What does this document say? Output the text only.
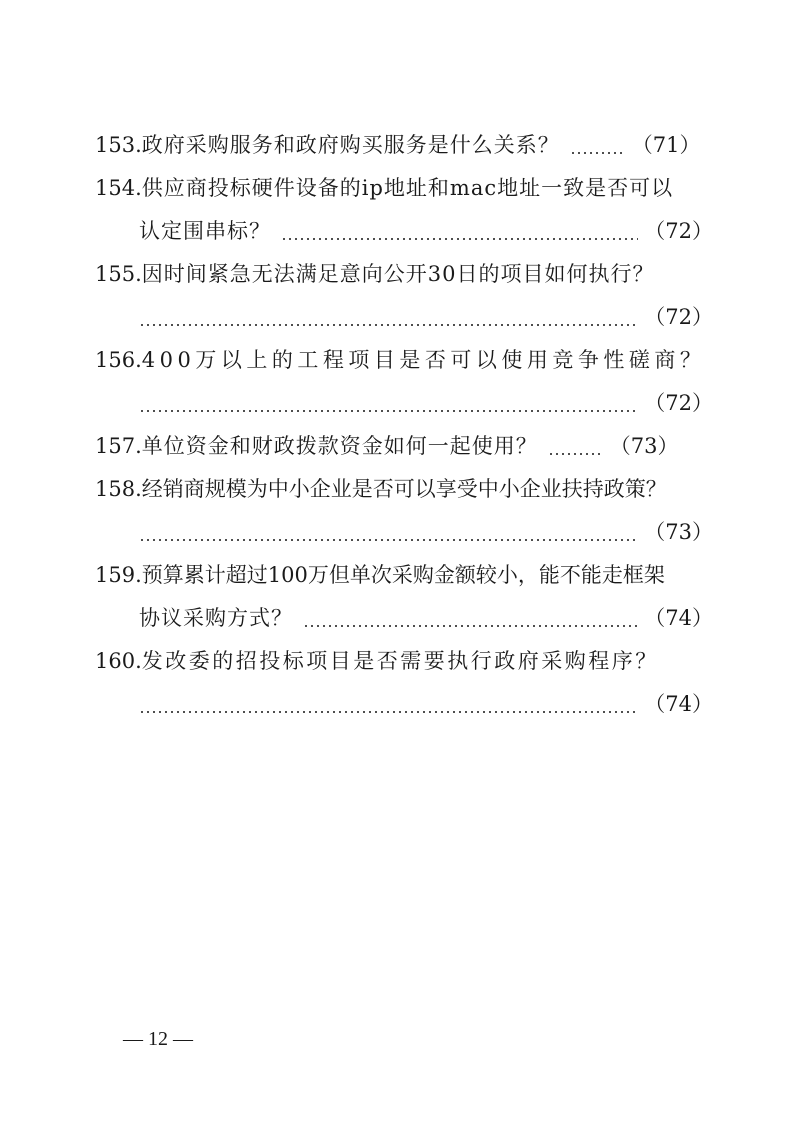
153. 政府采购服务和政府购买服务是什么关系？	（71）
154. 供应商投标硬件设备的ip地址和mac地址一致是否可以
认定围串标？	（72）
155. 因时间紧急无法满足意向公开30日的项目如何执行？
（72）
156. 400万以上的工程项目是否可以使用竞争性磋商？
（72）
157. 单位资金和财政拨款资金如何一起使用？	（73）
158. 经销商规模为中小企业是否可以享受中小企业扶持政策？
（73）
159. 预算累计超过100万但单次采购金额较小，能不能走框架
协议采购方式？	（74）
160. 发改委的招投标项目是否需要执行政府采购程序？
（74）
— 12 —
